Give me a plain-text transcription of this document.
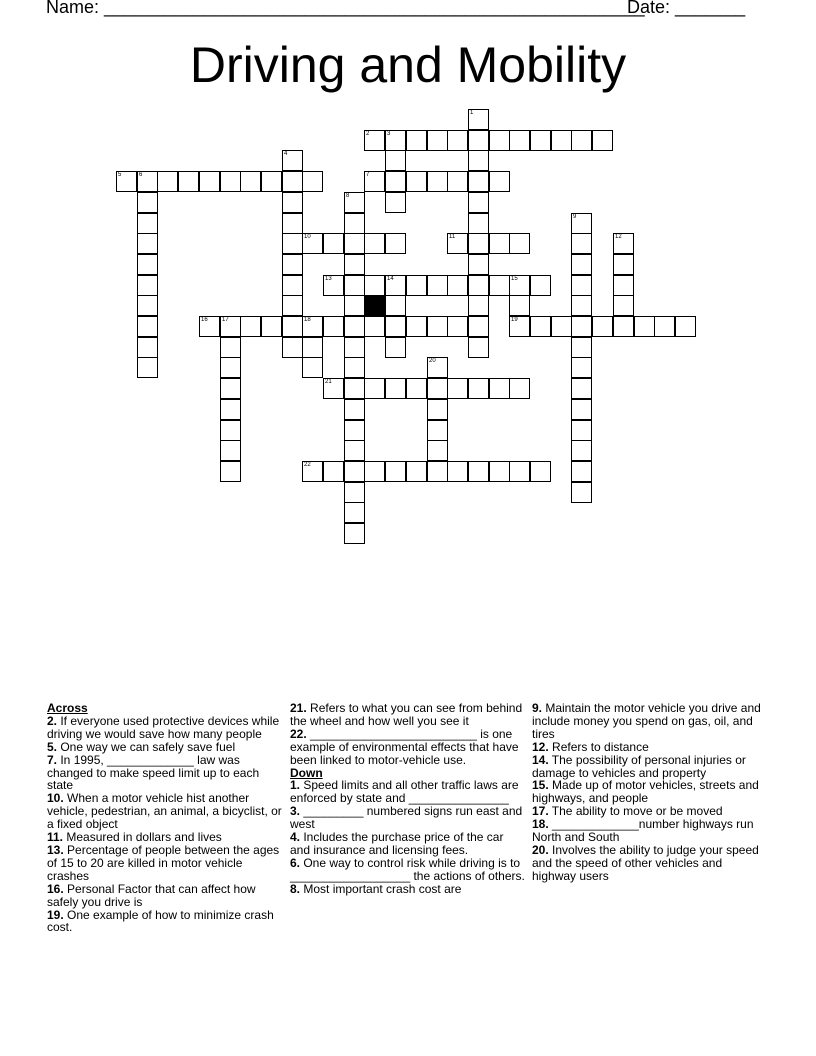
Name: ______________________________________________________
Date: _______
Driving and Mobility
1
2	3
4
5	6	7
8
9
10	11	12
13	14	15
16 17	18	19
20
21
22
Across
2. If everyone used protective devices while driving we would save how many people
5. One way we can safely save fuel
7. In 1995, _____________ law was changed to make speed limit up to each state
10. When a motor vehicle hist another vehicle, pedestrian, an animal, a bicyclist, or a fixed object
11. Measured in dollars and lives
13. Percentage of people between the ages of 15 to 20 are killed in motor vehicle crashes
16. Personal Factor that can affect how safely you drive is
19. One example of how to minimize crash cost.
21. Refers to what you can see from behind the wheel and how well you see it
22. _________________________ is one example of environmental effects that have been linked to motor-vehicle use.
Down
1. Speed limits and all other traffic laws are enforced by state and _______________
3. _________ numbered signs run east and west
4. Includes the purchase price of the car and insurance and licensing fees.
6. One way to control risk while driving is to __________________ the actions of others.
8. Most important crash cost are
9. Maintain the motor vehicle you drive and include money you spend on gas, oil, and tires
12. Refers to distance
14. The possibility of personal injuries or damage to vehicles and property
15. Made up of motor vehicles, streets and highways, and people
17. The ability to move or be moved
18. _____________number highways run North and South
20. Involves the ability to judge your speed and the speed of other vehicles and highway users
